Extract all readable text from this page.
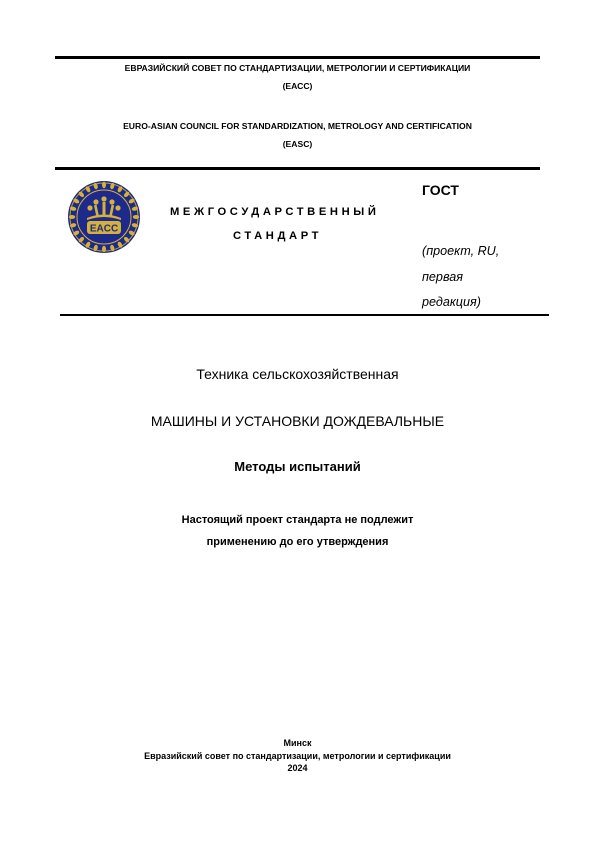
ЕВРАЗИЙСКИЙ СОВЕТ ПО СТАНДАРТИЗАЦИИ, МЕТРОЛОГИИ И СЕРТИФИКАЦИИ
(ЕАСС)
EURO-ASIAN COUNCIL FOR STANDARDIZATION, METROLOGY AND CERTIFICATION
(EASC)
EACC
МЕЖГОСУДАРСТВЕННЫЙ
СТАНДАРТ
ГОСТ
(проект, RU,
первая
редакция)
Техника сельскохозяйственная
МАШИНЫ И УСТАНОВКИ ДОЖДЕВАЛЬНЫЕ
Методы испытаний
Настоящий проект стандарта не подлежит
применению до его утверждения
Минск
Евразийский совет по стандартизации, метрологии и сертификации
2024
